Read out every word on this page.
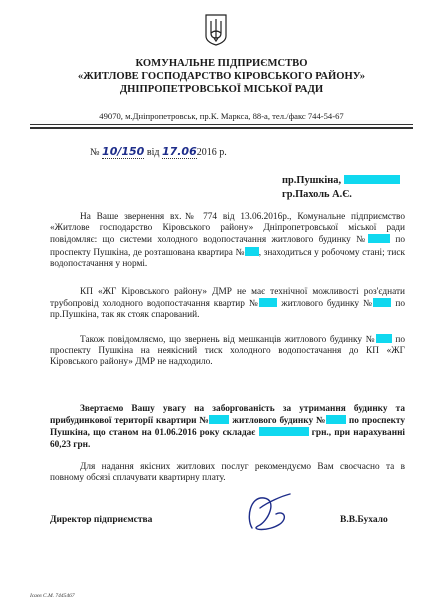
КОМУНАЛЬНЕ ПІДПРИЄМСТВО
«ЖИТЛОВЕ ГОСПОДАРСТВО КІРОВСЬКОГО РАЙОНУ»
ДНІПРОПЕТРОВСЬКОЇ МІСЬКОЇ РАДИ
49070, м.Дніпропетровськ, пр.К. Маркса, 88-а, тел./факс 744-54-67
№ 10/150 від 17.062016 р.
пр.Пушкіна,
гр.Пахоль А.Є.
На Ваше звернення вх.№ 774 від 13.06.2016р., Комунальне підприємство «Житлове господарство Кіровського району» Дніпропетровської міської ради повідомляє: що системи холодного водопостачання житлового будинку №	по проспекту Пушкіна, де розташована квартира № , знаходиться у робочому стані; тиск водопостачання у нормі.
КП «ЖГ Кіровського району» ДМР не має технічної можливості роз'єднати трубопровід холодного водопостачання квартир № житлового будинку № по пр.Пушкіна, так як стояк спарований.
Також повідомляємо, що звернень від мешканців житлового будинку № по проспекту Пушкіна на неякісний тиск холодного водопостачання до КП «ЖГ Кіровського району» ДМР не надходило.
Звертаємо Вашу увагу на заборгованість за утримання будинку та прибудинкової території квартири № житлового будинку № по проспекту Пушкіна, що станом на 01.06.2016 року складає	грн., при нарахуванні 60,23 грн.
Для надання якісних житлових послуг рекомендуємо Вам своєчасно та в повному обсязі сплачувати квартирну плату.
Директор підприємства	В.В.Бухало
Ісаєв С.М. 7445467
